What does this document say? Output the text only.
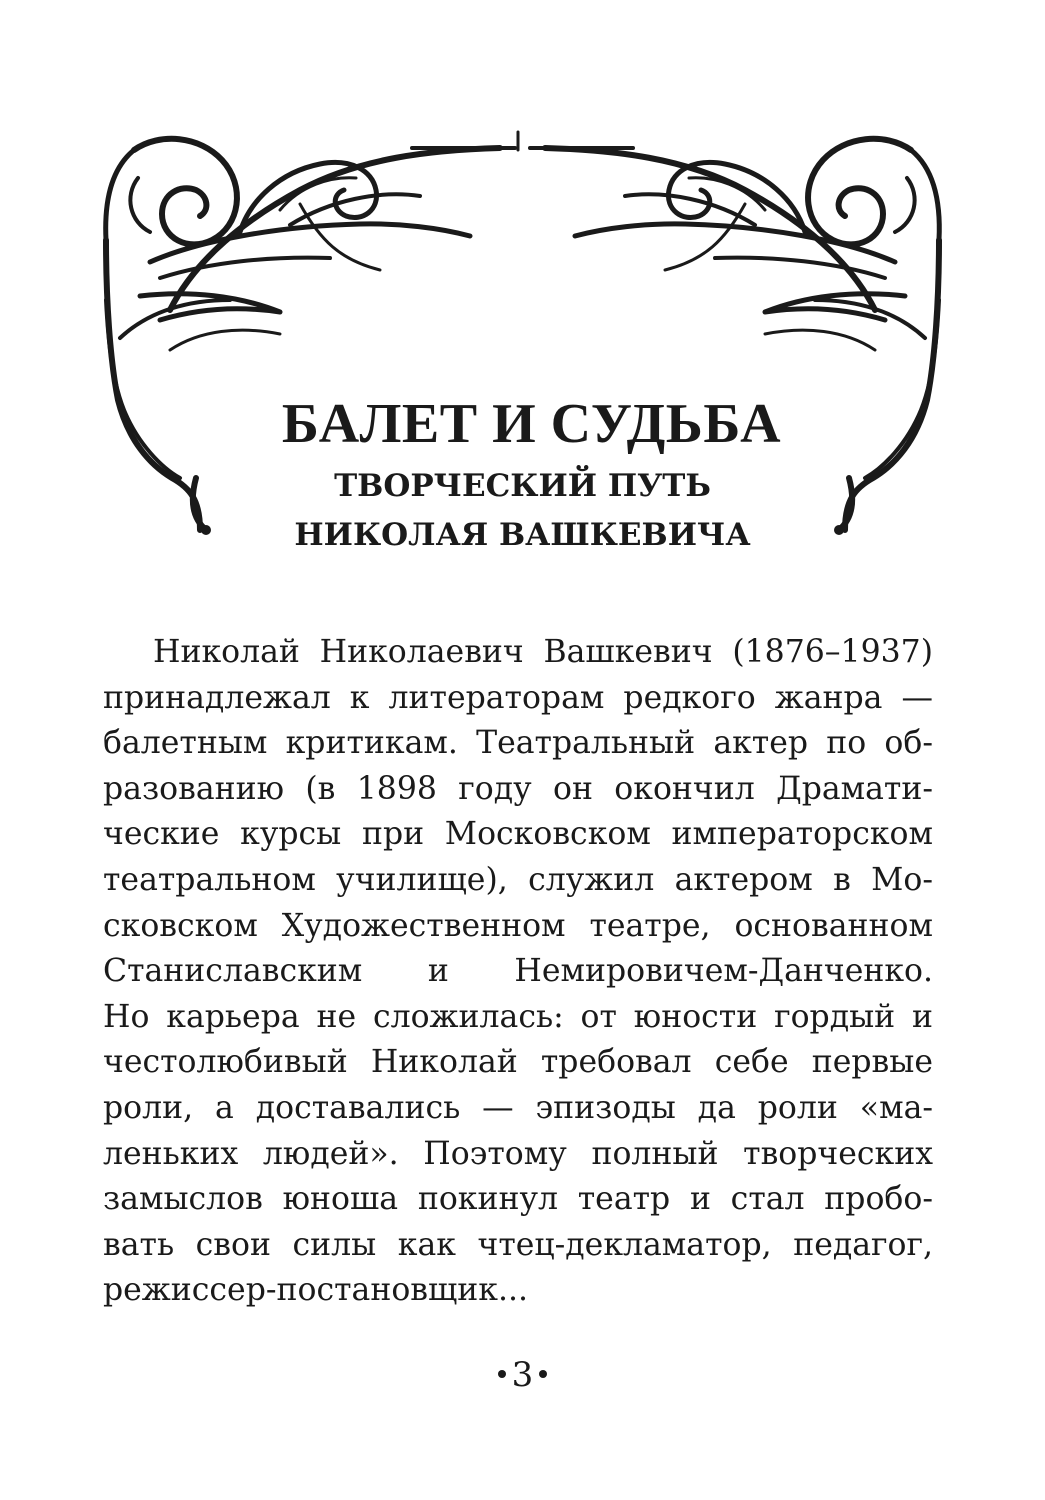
БАЛЕТ И СУДЬБА
ТВОРЧЕСКИЙ ПУТЬ
НИКОЛАЯ ВАШКЕВИЧА
Николай Николаевич Вашкевич (1876–1937)
принадлежал к литераторам редкого жанра —
балетным критикам. Театральный актер по об-
разованию (в 1898 году он окончил Драмати-
ческие курсы при Московском императорском
театральном училище), служил актером в Мо-
сковском Художественном театре, основанном
Станиславским и Немировичем-Данченко.
Но карьера не сложилась: от юности гордый и
честолюбивый Николай требовал себе первые
роли, а доставались — эпизоды да роли «ма-
леньких людей». Поэтому полный творческих
замыслов юноша покинул театр и стал пробо-
вать свои силы как чтец-декламатор, педагог,
режиссер-постановщик...
3
